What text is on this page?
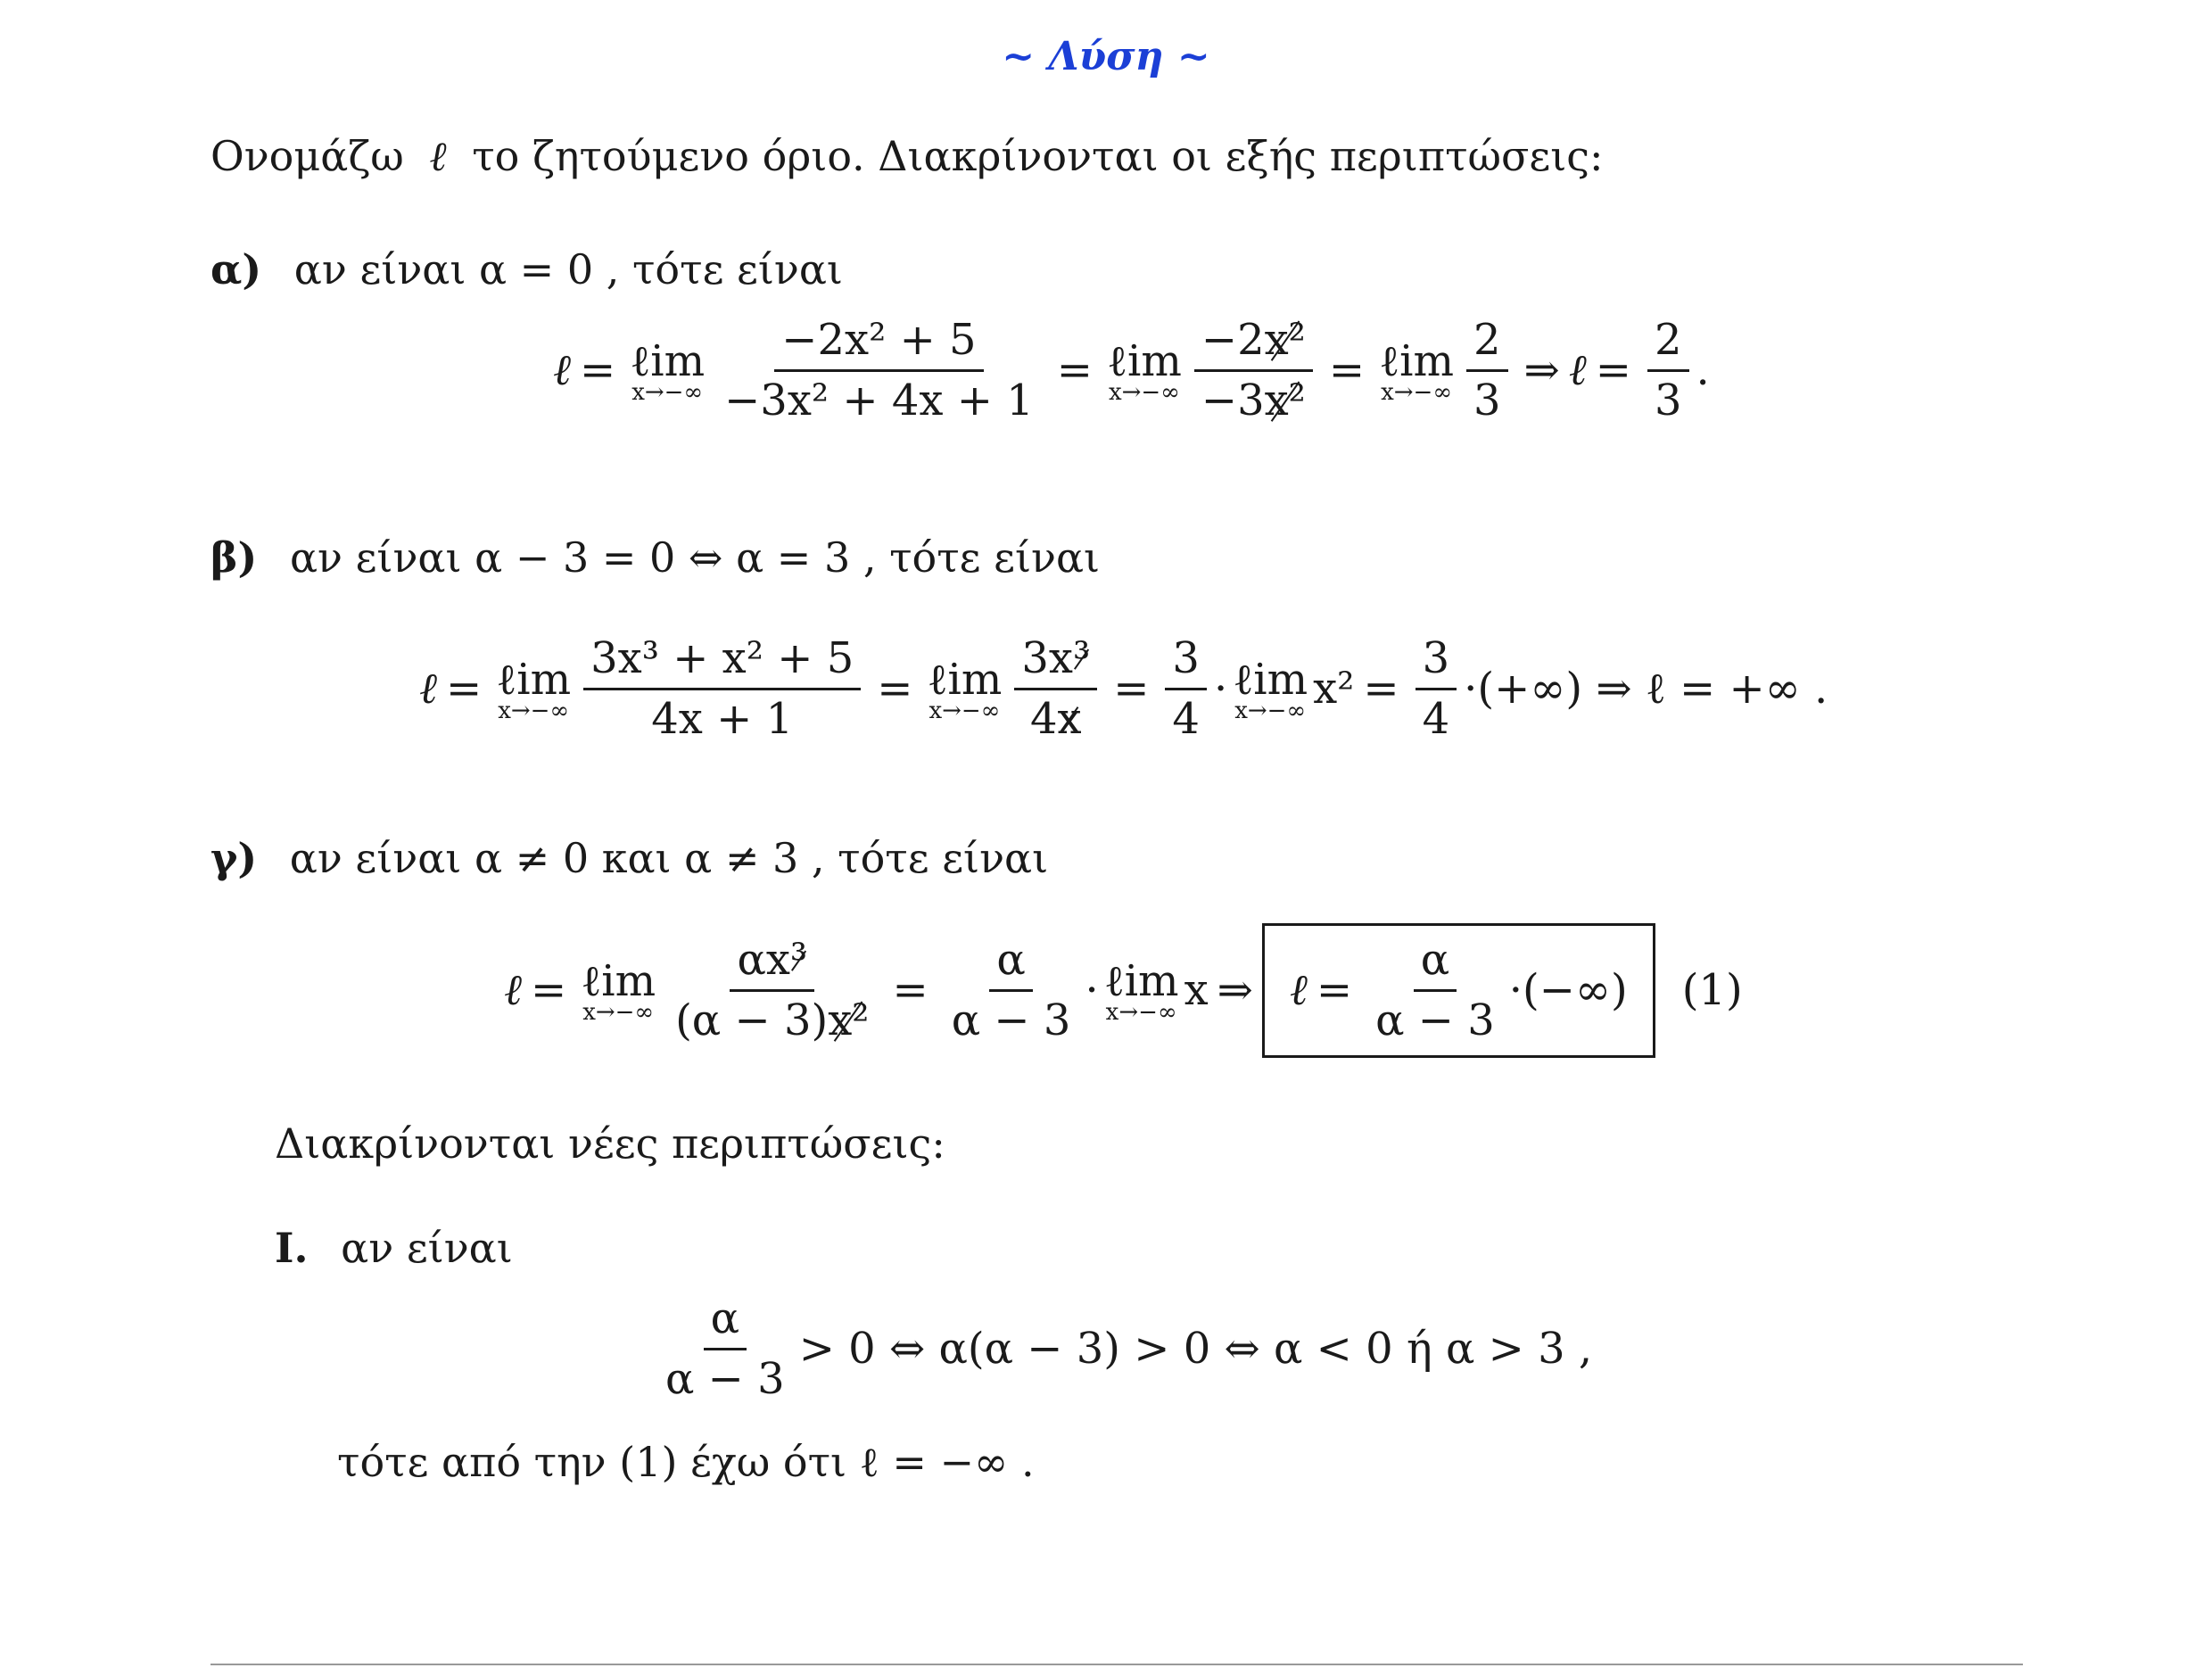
~ Λύση ~
Ονομάζω ℓ το ζητούμενο όριο. Διακρίνονται οι εξής περιπτώσεις:
α) αν είναι α = 0 , τότε είναι
ℓ = ℓim
$x\to-\infty \frac{\text{−2x² + 5}}{\text{−3x² + 4x + 1}}$ = ℓim
$x\to-\infty \frac{\text{−2x²}}{\text{−3x²}}$ = ℓim
$x\to-\infty \frac{2}{3}$ ⇒ ℓ = $\frac{2}{3}$ .
β) αν είναι α − 3 = 0 ⇔ α = 3 , τότε είναι
ℓ = ℓim
$x\to-\infty \frac{\text{3x³ + x² + 5}}{4x + 1}$ = ℓim
$x\to-\infty \frac{\text{3x³}}{4x} = \frac{3}{4}$ · ℓim
x→−∞ $x^2 = \frac{3}{4}$ ·(+∞) ⇒ ℓ = +∞ .
γ) αν είναι α ≠ 0 και α ≠ 3 , τότε είναι
ℓ = ℓim
$x\to-\infty \frac{\text{αx³}}{\text{(α − 3)x²}} = \frac{\alpha}{\alpha - 3}$ · ℓim
x→−∞ x ⇒ ℓ = $\frac{\alpha}{\alpha - 3}$ ·(−∞) (1)
Διακρίνονται νέες περιπτώσεις:
Ι. αν είναι
$\frac{\alpha}{\alpha - 3} > 0$ ⇔ α(α − 3) > 0 ⇔ α < 0 ή α > 3 ,
τότε από την (1) έχω ότι ℓ = −∞ .
